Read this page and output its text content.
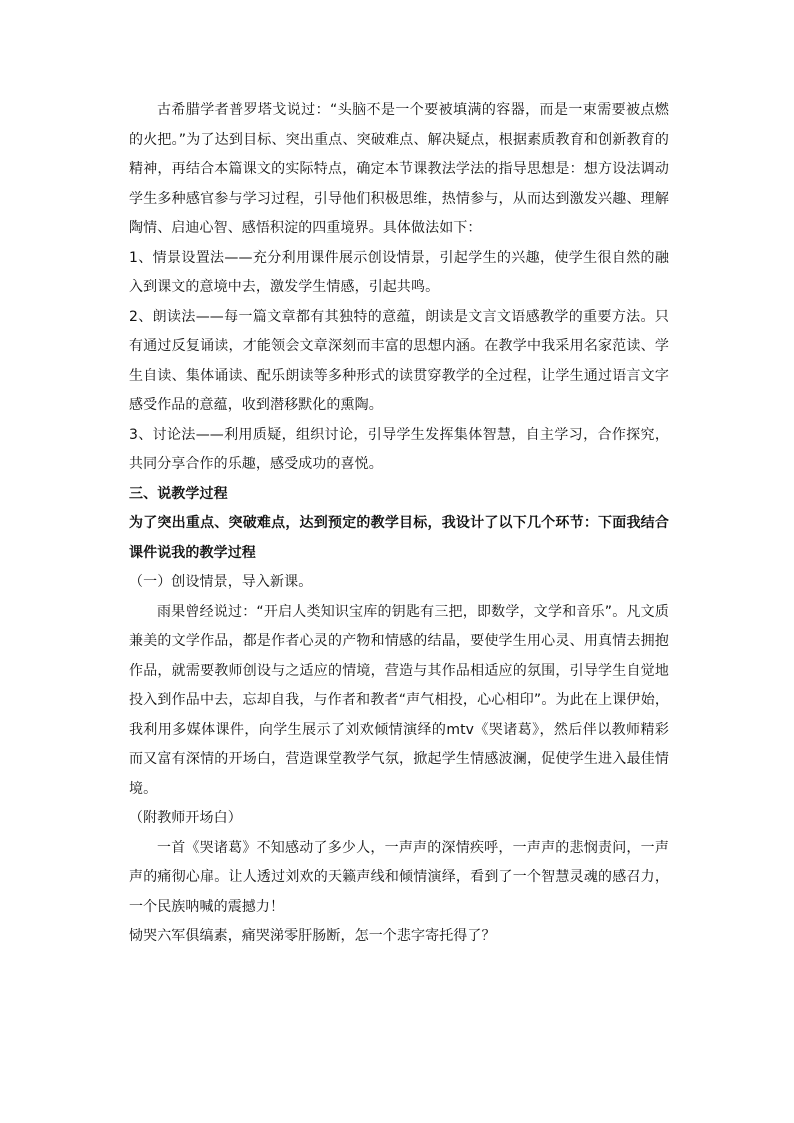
古希腊学者普罗塔戈说过：“头脑不是一个要被填满的容器，而是一束需要被点燃的火把。”为了达到目标、突出重点、突破难点、解决疑点，根据素质教育和创新教育的精神，再结合本篇课文的实际特点，确定本节课教法学法的指导思想是：想方设法调动学生多种感官参与学习过程，引导他们积极思维，热情参与，从而达到激发兴趣、理解陶情、启迪心智、感悟积淀的四重境界。具体做法如下：

1、情景设置法——充分利用课件展示创设情景，引起学生的兴趣，使学生很自然的融入到课文的意境中去，激发学生情感，引起共鸣。

2、朗读法——每一篇文章都有其独特的意蕴，朗读是文言文语感教学的重要方法。只有通过反复诵读，才能领会文章深刻而丰富的思想内涵。在教学中我采用名家范读、学生自读、集体诵读、配乐朗读等多种形式的读贯穿教学的全过程，让学生通过语言文字感受作品的意蕴，收到潜移默化的熏陶。

3、讨论法——利用质疑，组织讨论，引导学生发挥集体智慧，自主学习，合作探究，共同分享合作的乐趣，感受成功的喜悦。

三、说教学过程

为了突出重点、突破难点，达到预定的教学目标，我设计了以下几个环节：下面我结合课件说我的教学过程

（一）创设情景，导入新课。

雨果曾经说过：“开启人类知识宝库的钥匙有三把，即数学，文学和音乐”。凡文质兼美的文学作品，都是作者心灵的产物和情感的结晶，要使学生用心灵、用真情去拥抱作品，就需要教师创设与之适应的情境，营造与其作品相适应的氛围，引导学生自觉地投入到作品中去，忘却自我，与作者和教者“声气相投，心心相印”。为此在上课伊始，我利用多媒体课件，向学生展示了刘欢倾情演绎的mtv《哭诸葛》，然后伴以教师精彩而又富有深情的开场白，营造课堂教学气氛，掀起学生情感波澜，促使学生进入最佳情境。

（附教师开场白）

一首《哭诸葛》不知感动了多少人，一声声的深情疾呼，一声声的悲悯责问，一声声的痛彻心扉。让人透过刘欢的天籁声线和倾情演绎，看到了一个智慧灵魂的感召力，一个民族呐喊的震撼力！

恸哭六军俱缟素，痛哭涕零肝肠断，怎一个悲字寄托得了？
